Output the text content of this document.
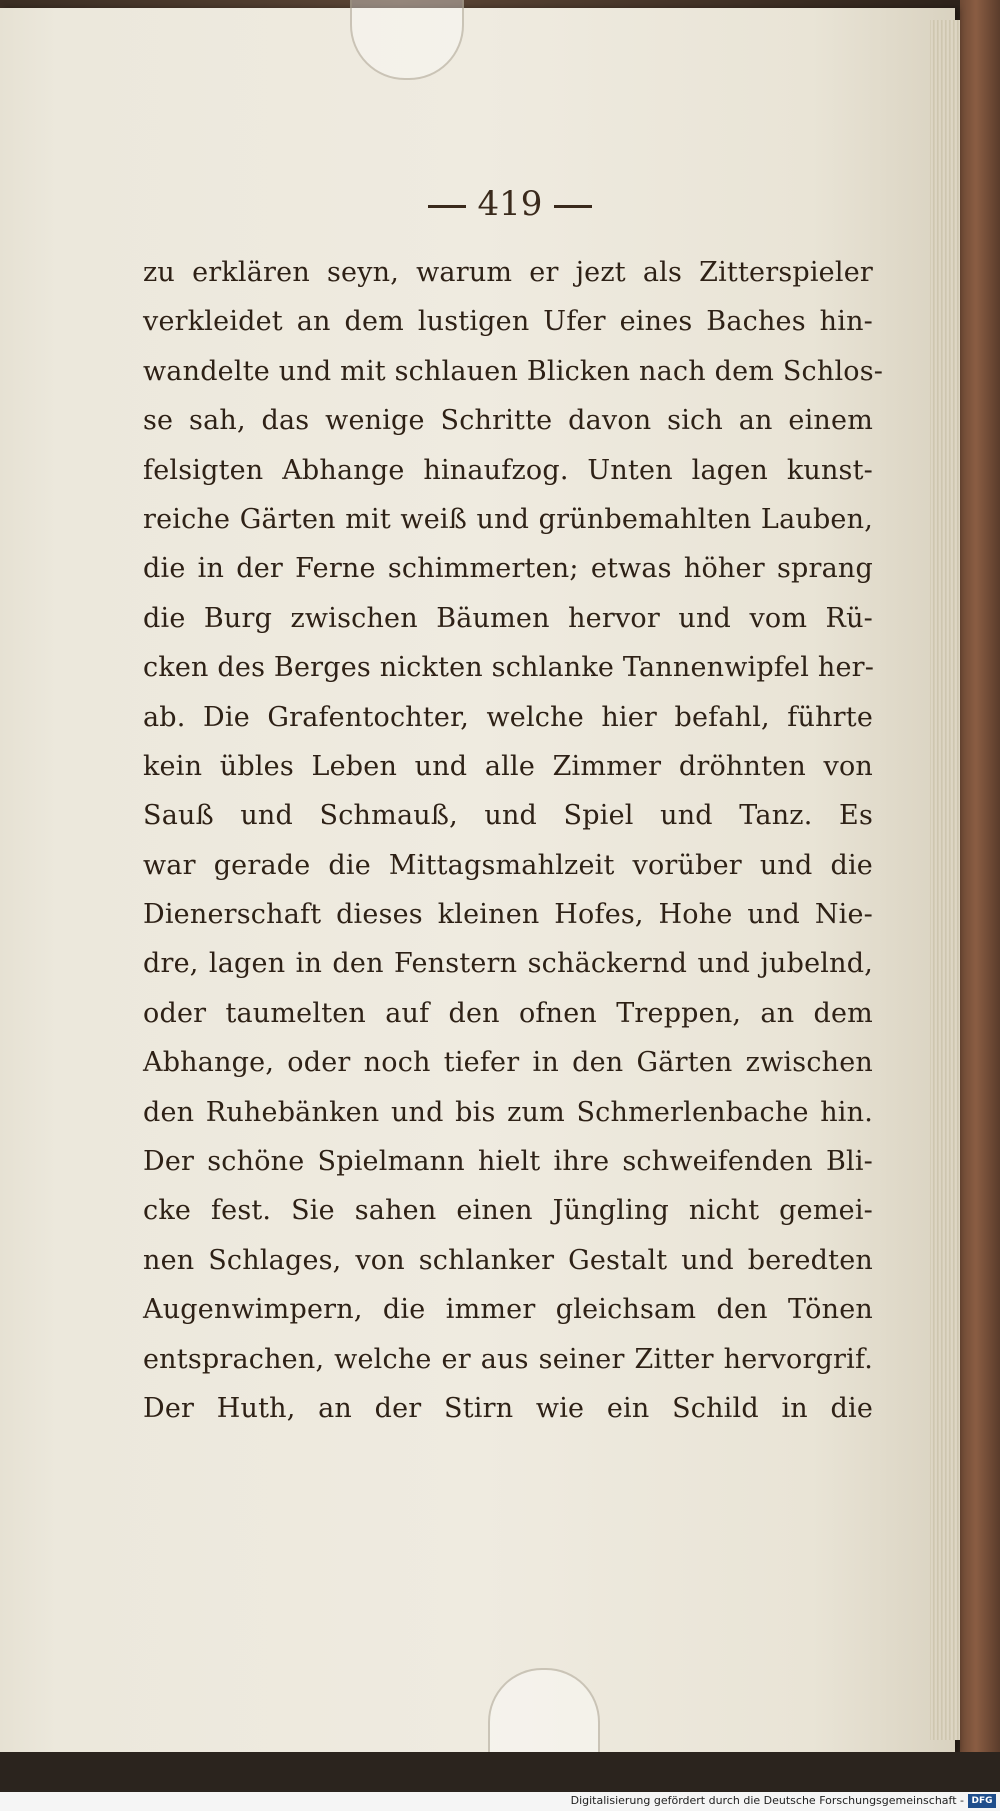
419
zu erklären seyn, warum er jezt als Zitterspieler
verkleidet an dem lustigen Ufer eines Baches hin-
wandelte und mit schlauen Blicken nach dem Schlos-
se sah, das wenige Schritte davon sich an einem
felsigten Abhange hinaufzog. Unten lagen kunst-
reiche Gärten mit weiß und grünbemahlten Lauben,
die in der Ferne schimmerten; etwas höher sprang
die Burg zwischen Bäumen hervor und vom Rü-
cken des Berges nickten schlanke Tannenwipfel her-
ab. Die Grafentochter, welche hier befahl, führte
kein übles Leben und alle Zimmer dröhnten von
Sauß und Schmauß, und Spiel und Tanz. Es
war gerade die Mittagsmahlzeit vorüber und die
Dienerschaft dieses kleinen Hofes, Hohe und Nie-
dre, lagen in den Fenstern schäckernd und jubelnd,
oder taumelten auf den ofnen Treppen, an dem
Abhange, oder noch tiefer in den Gärten zwischen
den Ruhebänken und bis zum Schmerlenbache hin.
Der schöne Spielmann hielt ihre schweifenden Bli-
cke fest. Sie sahen einen Jüngling nicht gemei-
nen Schlages, von schlanker Gestalt und beredten
Augenwimpern, die immer gleichsam den Tönen
entsprachen, welche er aus seiner Zitter hervorgrif.
Der Huth, an der Stirn wie ein Schild in die
Digitalisierung gefördert durch die Deutsche Forschungsgemeinschaft - DFG
